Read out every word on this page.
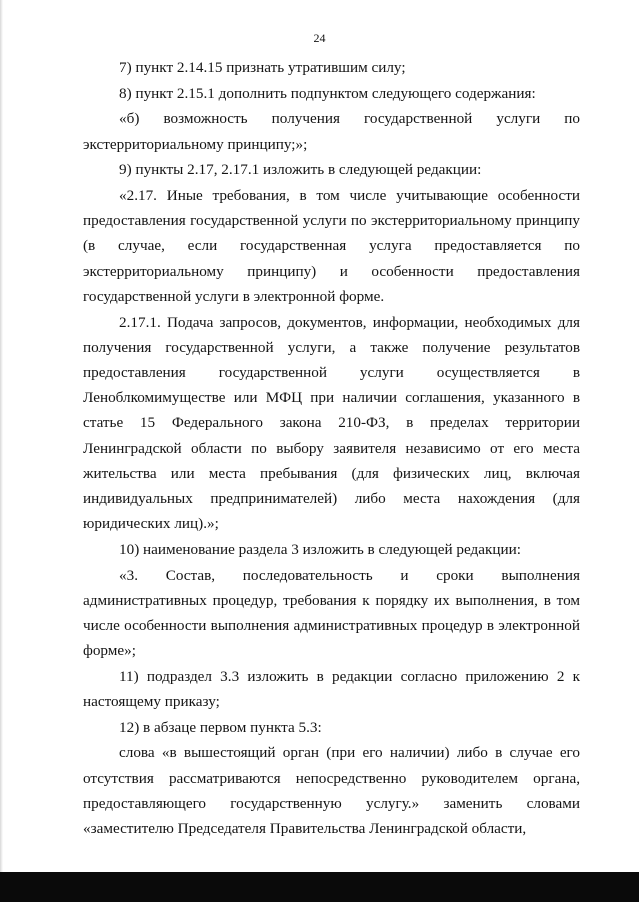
24

7) пункт 2.14.15 признать утратившим силу;

8) пункт 2.15.1 дополнить подпунктом следующего содержания:

«б) возможность получения государственной услуги по экстерриториальному принципу;»;

9) пункты 2.17, 2.17.1 изложить в следующей редакции:

«2.17. Иные требования, в том числе учитывающие особенности предоставления государственной услуги по экстерриториальному принципу (в случае, если государственная услуга предоставляется по экстерриториальному принципу) и особенности предоставления государственной услуги в электронной форме.

2.17.1. Подача запросов, документов, информации, необходимых для получения государственной услуги, а также получение результатов предоставления государственной услуги осуществляется в Леноблкомимуществе или МФЦ при наличии соглашения, указанного в статье 15 Федерального закона 210-ФЗ, в пределах территории Ленинградской области по выбору заявителя независимо от его места жительства или места пребывания (для физических лиц, включая индивидуальных предпринимателей) либо места нахождения (для юридических лиц).»;

10) наименование раздела 3 изложить в следующей редакции:

«3. Состав, последовательность и сроки выполнения административных процедур, требования к порядку их выполнения, в том числе особенности выполнения административных процедур в электронной форме»;

11) подраздел 3.3 изложить в редакции согласно приложению 2 к настоящему приказу;

12) в абзаце первом пункта 5.3:

слова «в вышестоящий орган (при его наличии) либо в случае его отсутствия рассматриваются непосредственно руководителем органа, предоставляющего государственную услугу.» заменить словами «заместителю Председателя Правительства Ленинградской области,
